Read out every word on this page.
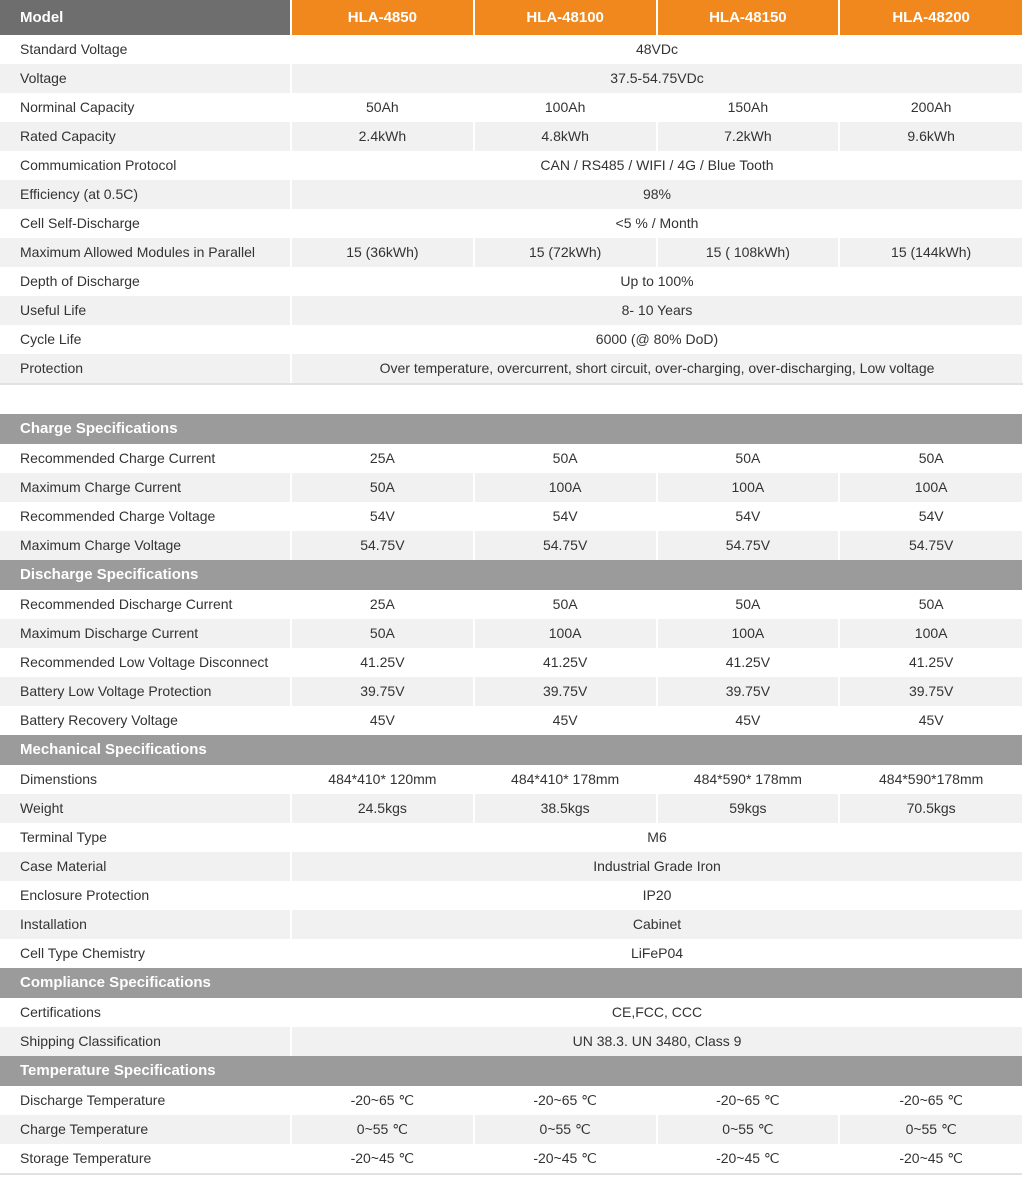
Model	HLA-4850	HLA-48100	HLA-48150	HLA-48200
Standard Voltage	48VDc			
Voltage	37.5-54.75VDc			
Norminal Capacity	50Ah	100Ah	150Ah	200Ah
Rated Capacity	2.4kWh	4.8kWh	7.2kWh	9.6kWh
Commumication Protocol	CAN / RS485 / WIFI / 4G / Blue Tooth			
Efficiency (at 0.5C)	98%			
Cell Self-Discharge	<5 % / Month			
Maximum Allowed Modules in Parallel	15 (36kWh)	15 (72kWh)	15 ( 108kWh)	15 (144kWh)
Depth of Discharge	Up to 100%			
Useful Life	8- 10 Years			
Cycle Life	6000 (@ 80% DoD)			
Protection	Over temperature, overcurrent, short circuit, over-charging, over-discharging, Low voltage			
Charge Specifications				
Recommended Charge Current	25A	50A	50A	50A
Maximum Charge Current	50A	100A	100A	100A
Recommended Charge Voltage	54V	54V	54V	54V
Maximum Charge Voltage	54.75V	54.75V	54.75V	54.75V
Discharge Specifications				
Recommended Discharge Current	25A	50A	50A	50A
Maximum Discharge Current	50A	100A	100A	100A
Recommended Low Voltage Disconnect	41.25V	41.25V	41.25V	41.25V
Battery Low Voltage Protection	39.75V	39.75V	39.75V	39.75V
Battery Recovery Voltage	45V	45V	45V	45V
Mechanical Specifications				
Dimenstions	484*410* 120mm	484*410* 178mm	484*590* 178mm	484*590*178mm
Weight	24.5kgs	38.5kgs	59kgs	70.5kgs
Terminal Type	M6			
Case Material	Industrial Grade Iron			
Enclosure Protection	IP20			
Installation	Cabinet			
Cell Type Chemistry	LiFeP04			
Compliance Specifications				
Certifications	CE,FCC, CCC			
Shipping Classification	UN 38.3. UN 3480, Class 9			
Temperature Specifications				
Discharge Temperature	-20~65 ℃	-20~65 ℃	-20~65 ℃	-20~65 ℃
Charge Temperature	0~55 ℃	0~55 ℃	0~55 ℃	0~55 ℃
Storage Temperature	-20~45 ℃	-20~45 ℃	-20~45 ℃	-20~45 ℃
